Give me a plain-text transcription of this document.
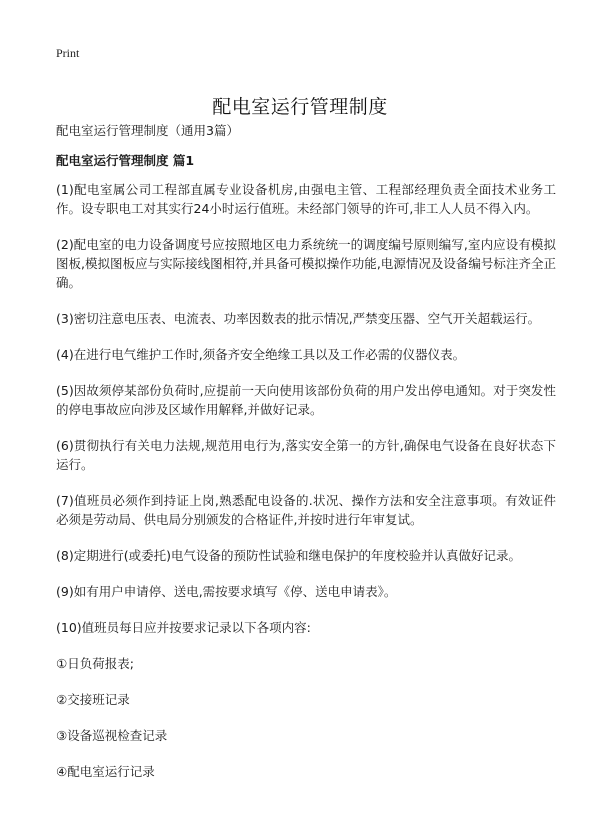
Print
配电室运行管理制度
配电室运行管理制度（通用3篇）
配电室运行管理制度 篇1

(1)配电室属公司工程部直属专业设备机房,由强电主管、工程部经理负责全面技术业务工作。设专职电工对其实行24小时运行值班。未经部门领导的许可,非工人人员不得入内。

(2)配电室的电力设备调度号应按照地区电力系统统一的调度编号原则编写,室内应设有模拟图板,模拟图板应与实际接线图相符,并具备可模拟操作功能,电源情况及设备编号标注齐全正确。

(3)密切注意电压表、电流表、功率因数表的批示情况,严禁变压器、空气开关超载运行。

(4)在进行电气维护工作时,须备齐安全绝缘工具以及工作必需的仪器仪表。

(5)因故须停某部份负荷时,应提前一天向使用该部份负荷的用户发出停电通知。对于突发性的停电事故应向涉及区域作用解释,并做好记录。

(6)贯彻执行有关电力法规,规范用电行为,落实安全第一的方针,确保电气设备在良好状态下运行。

(7)值班员必须作到持证上岗,熟悉配电设备的.状况、操作方法和安全注意事项。有效证件必须是劳动局、供电局分别颁发的合格证件,并按时进行年审复试。

(8)定期进行(或委托)电气设备的预防性试验和继电保护的年度校验并认真做好记录。

(9)如有用户申请停、送电,需按要求填写《停、送电申请表》。

(10)值班员每日应并按要求记录以下各项内容:

①日负荷报表;

②交接班记录

③设备巡视检查记录

④配电室运行记录
